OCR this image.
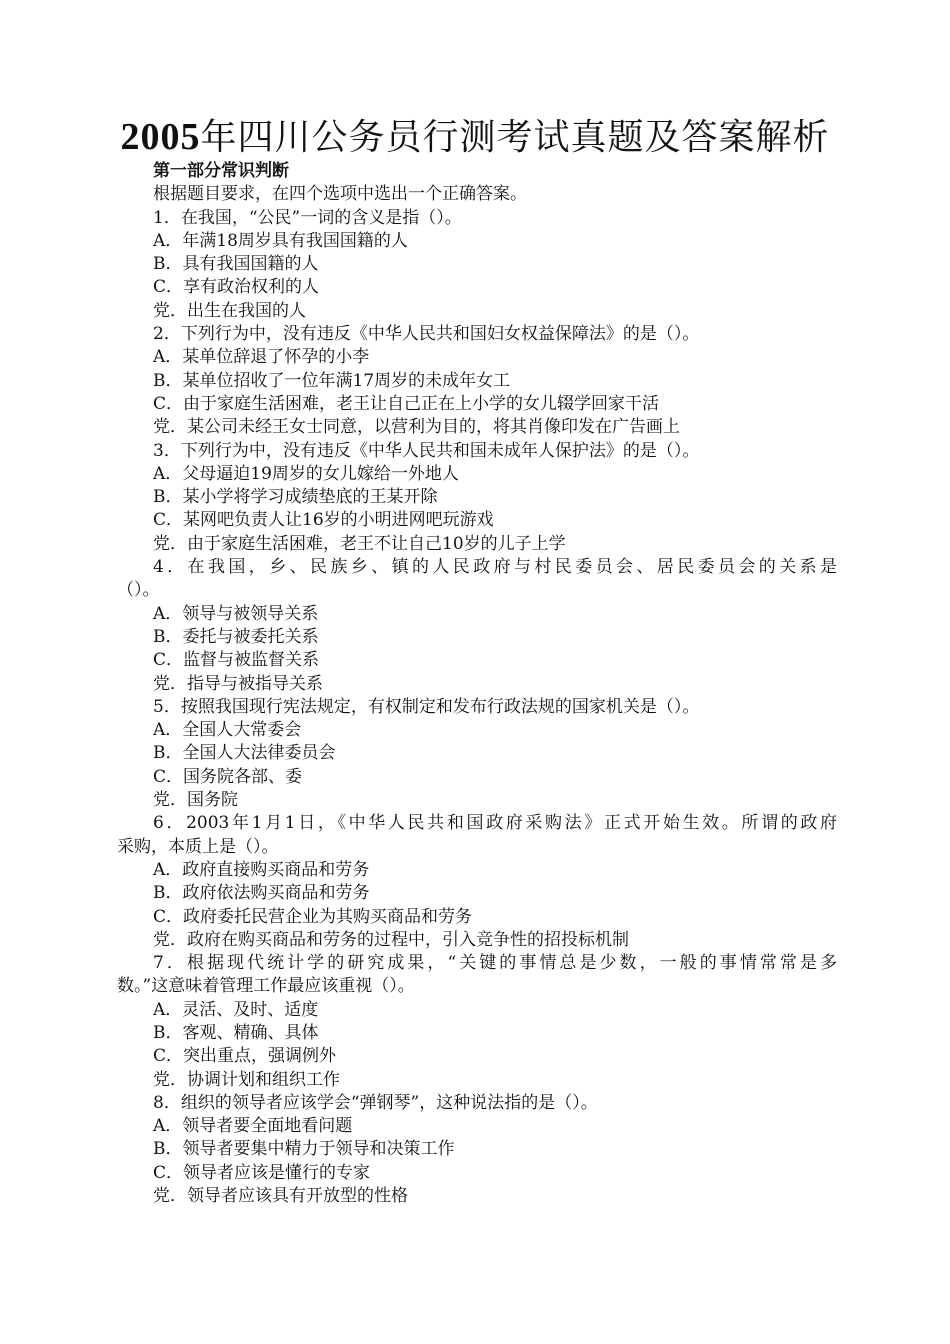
2005年四川公务员行测考试真题及答案解析
第一部分常识判断
根据题目要求，在四个选项中选出一个正确答案。
1．在我国，“公民”一词的含义是指（）。
A．年满18周岁具有我国国籍的人
B．具有我国国籍的人
C．享有政治权利的人
党．出生在我国的人
2．下列行为中，没有违反《中华人民共和国妇女权益保障法》的是（）。
A．某单位辞退了怀孕的小李
B．某单位招收了一位年满17周岁的未成年女工
C．由于家庭生活困难，老王让自己正在上小学的女儿辍学回家干活
党．某公司未经王女士同意，以营利为目的，将其肖像印发在广告画上
3．下列行为中，没有违反《中华人民共和国未成年人保护法》的是（）。
A．父母逼迫19周岁的女儿嫁给一外地人
B．某小学将学习成绩垫底的王某开除
C．某网吧负责人让16岁的小明进网吧玩游戏
党．由于家庭生活困难，老王不让自己10岁的儿子上学
4．在我国，乡、民族乡、镇的人民政府与村民委员会、居民委员会的关系是
（）。
A．领导与被领导关系
B．委托与被委托关系
C．监督与被监督关系
党．指导与被指导关系
5．按照我国现行宪法规定，有权制定和发布行政法规的国家机关是（）。
A．全国人大常委会
B．全国人大法律委员会
C．国务院各部、委
党．国务院
6．2003年1月1日，《中华人民共和国政府采购法》正式开始生效。所谓的政府
采购，本质上是（）。
A．政府直接购买商品和劳务
B．政府依法购买商品和劳务
C．政府委托民营企业为其购买商品和劳务
党．政府在购买商品和劳务的过程中，引入竞争性的招投标机制
7．根据现代统计学的研究成果，“关键的事情总是少数，一般的事情常常是多
数。”这意味着管理工作最应该重视（）。
A．灵活、及时、适度
B．客观、精确、具体
C．突出重点，强调例外
党．协调计划和组织工作
8．组织的领导者应该学会“弹钢琴”，这种说法指的是（）。
A．领导者要全面地看问题
B．领导者要集中精力于领导和决策工作
C．领导者应该是懂行的专家
党．领导者应该具有开放型的性格
